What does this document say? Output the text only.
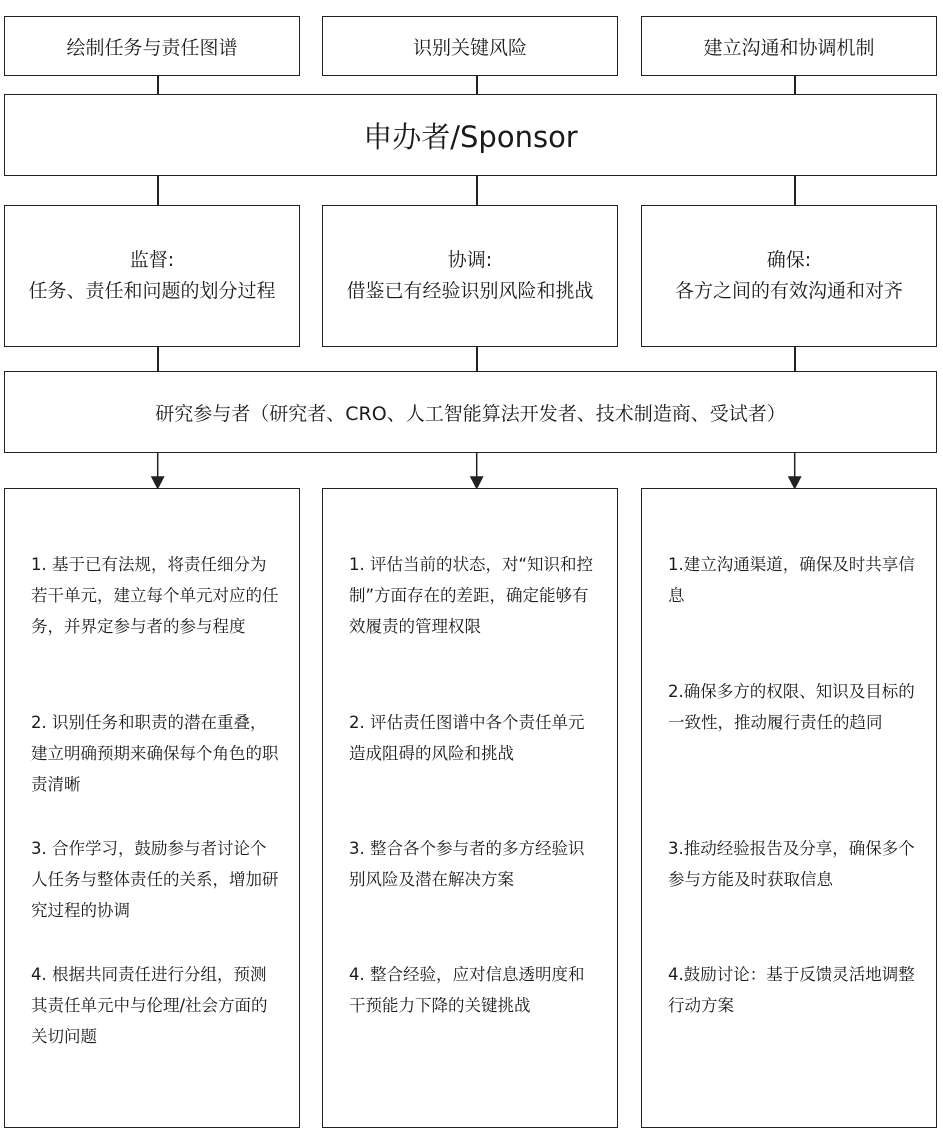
绘制任务与责任图谱	识别关键风险	建立沟通和协调机制
申办者/Sponsor
监督:
任务、责任和问题的划分过程
协调:
借鉴已有经验识别风险和挑战
确保:
各方之间的有效沟通和对齐
研究参与者（研究者、CRO、人工智能算法开发者、技术制造商、受试者）
1. 基于已有法规，将责任细分为若干单元，建立每个单元对应的任务，并界定参与者的参与程度
2. 识别任务和职责的潜在重叠，建立明确预期来确保每个角色的职责清晰
3. 合作学习，鼓励参与者讨论个人任务与整体责任的关系，增加研究过程的协调
4. 根据共同责任进行分组，预测其责任单元中与伦理/社会方面的关切问题
1. 评估当前的状态，对“知识和控制”方面存在的差距，确定能够有效履责的管理权限
2. 评估责任图谱中各个责任单元造成阻碍的风险和挑战
3. 整合各个参与者的多方经验识别风险及潜在解决方案
4. 整合经验，应对信息透明度和干预能力下降的关键挑战
1.建立沟通渠道，确保及时共享信息
2.确保多方的权限、知识及目标的一致性，推动履行责任的趋同
3.推动经验报告及分享，确保多个参与方能及时获取信息
4.鼓励讨论：基于反馈灵活地调整行动方案
